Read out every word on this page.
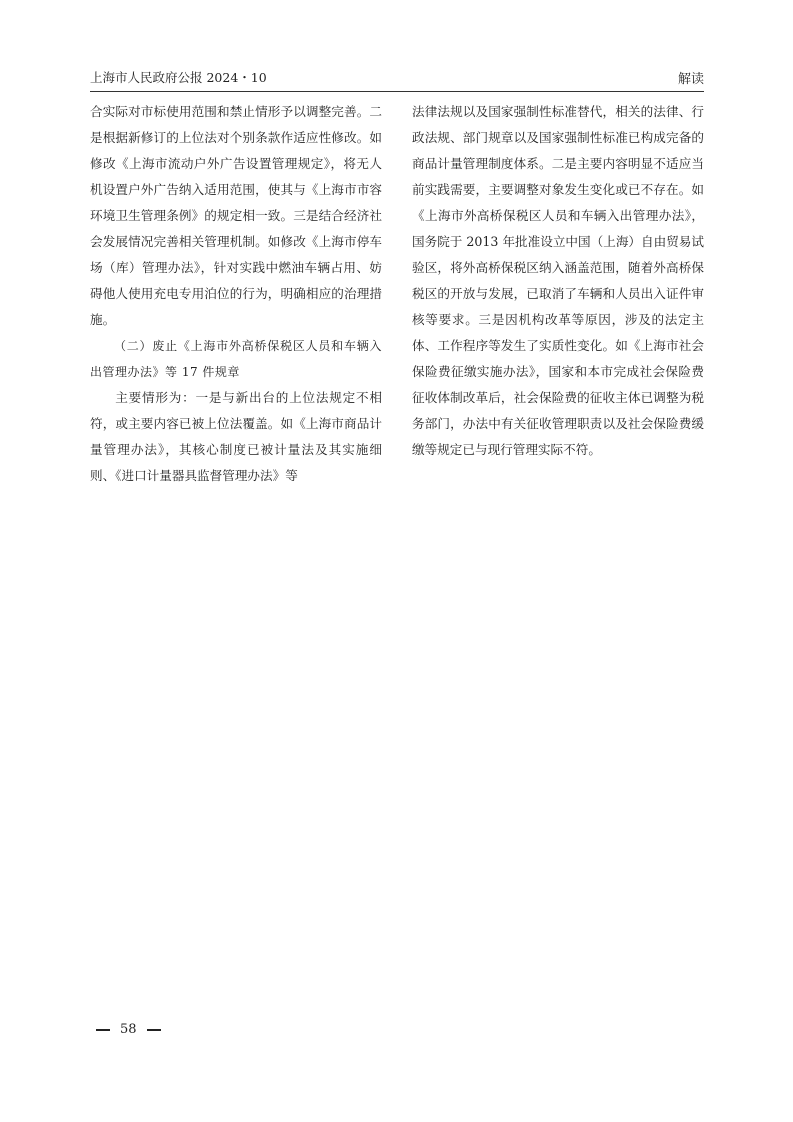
上海市人民政府公报 2024・10	解读

合实际对市标使用范围和禁止情形予以调整完善。二是根据新修订的上位法对个别条款作适应性修改。如修改《上海市流动户外广告设置管理规定》，将无人机设置户外广告纳入适用范围，使其与《上海市市容环境卫生管理条例》的规定相一致。三是结合经济社会发展情况完善相关管理机制。如修改《上海市停车场（库）管理办法》，针对实践中燃油车辆占用、妨碍他人使用充电专用泊位的行为，明确相应的治理措施。

（二）废止《上海市外高桥保税区人员和车辆入出管理办法》等 17 件规章

主要情形为：一是与新出台的上位法规定不相符，或主要内容已被上位法覆盖。如《上海市商品计量管理办法》，其核心制度已被计量法及其实施细则、《进口计量器具监督管理办法》等

法律法规以及国家强制性标准替代，相关的法律、行政法规、部门规章以及国家强制性标准已构成完备的商品计量管理制度体系。二是主要内容明显不适应当前实践需要，主要调整对象发生变化或已不存在。如《上海市外高桥保税区人员和车辆入出管理办法》，国务院于 2013 年批准设立中国（上海）自由贸易试验区，将外高桥保税区纳入涵盖范围，随着外高桥保税区的开放与发展，已取消了车辆和人员出入证件审核等要求。三是因机构改革等原因，涉及的法定主体、工作程序等发生了实质性变化。如《上海市社会保险费征缴实施办法》，国家和本市完成社会保险费征收体制改革后，社会保险费的征收主体已调整为税务部门，办法中有关征收管理职责以及社会保险费缓缴等规定已与现行管理实际不符。

58
